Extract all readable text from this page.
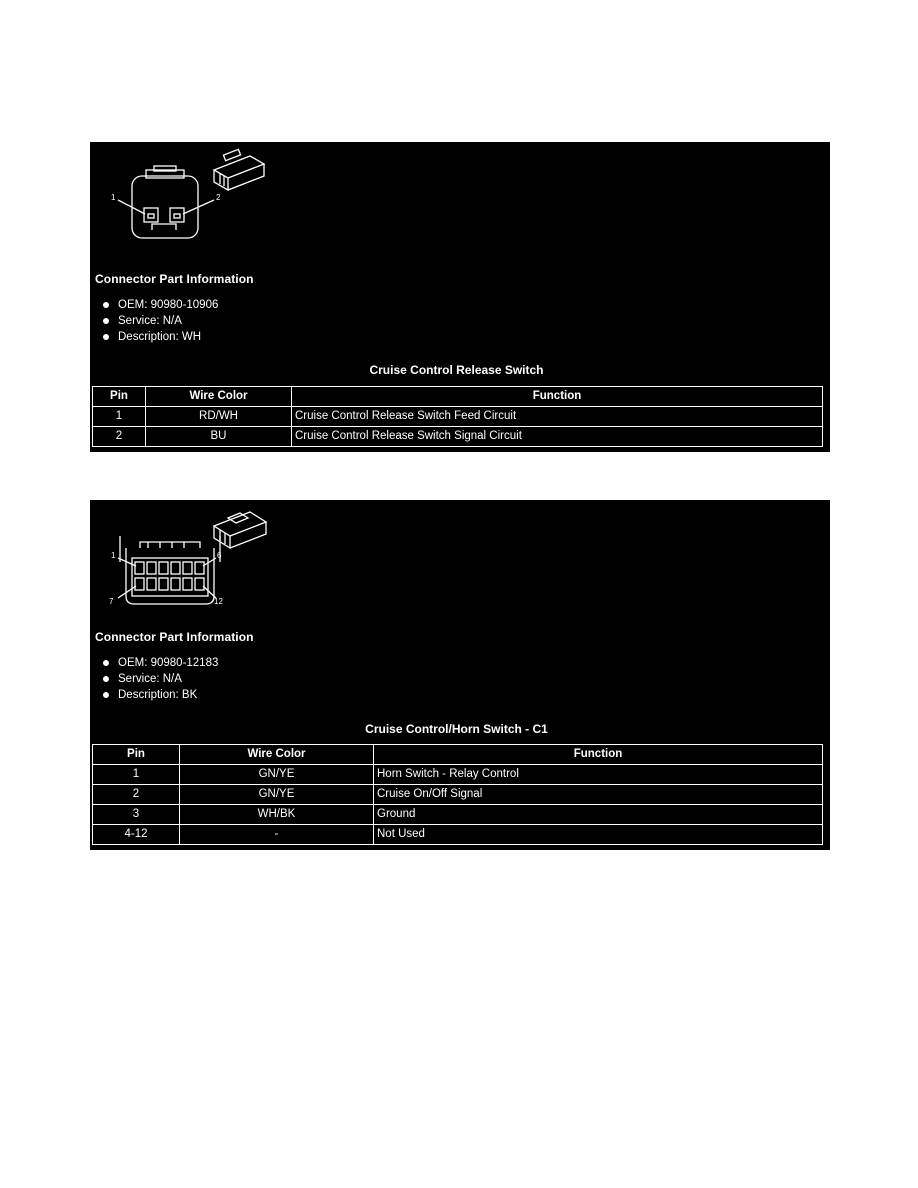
1	2
Connector Part Information
OEM: 90980-10906
Service: N/A
Description: WH
Cruise Control Release Switch
Pin	Wire Color	Function
1	RD/WH	Cruise Control Release Switch Feed Circuit
2	BU	Cruise Control Release Switch Signal Circuit
1	6
7	12
Connector Part Information
OEM: 90980-12183
Service: N/A
Description: BK
Cruise Control/Horn Switch - C1
Pin	Wire Color	Function
1	GN/YE	Horn Switch - Relay Control
2	GN/YE	Cruise On/Off Signal
3	WH/BK	Ground
4-12	-	Not Used
